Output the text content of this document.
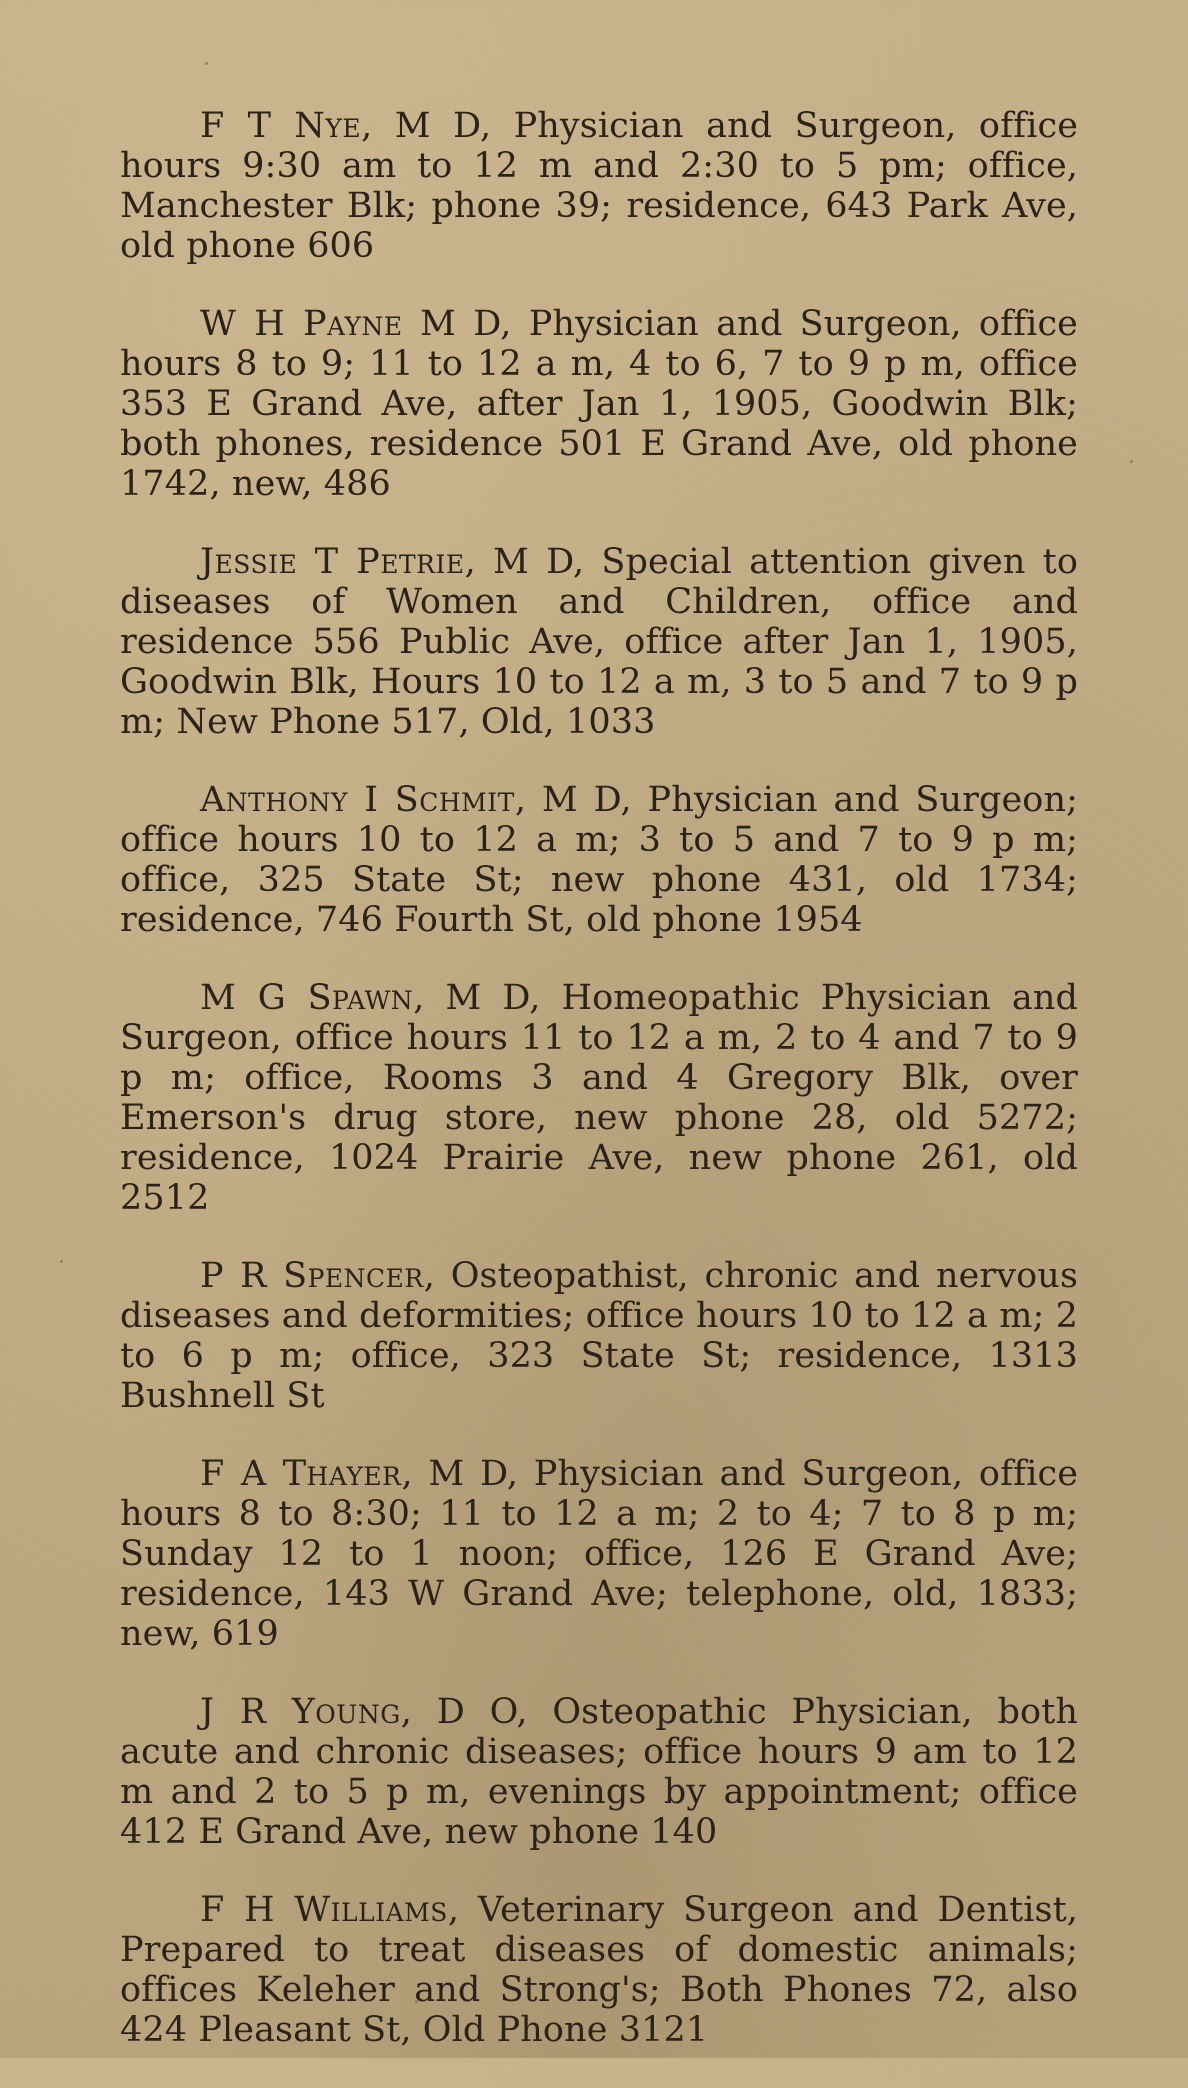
F T Nye, M D, Physician and Surgeon, office hours 9:30 am to 12 m and 2:30 to 5 pm; office, Manchester Blk; phone 39; residence, 643 Park Ave, old phone 606

W H Payne M D, Physician and Surgeon, office hours 8 to 9; 11 to 12 a m, 4 to 6, 7 to 9 p m, office 353 E Grand Ave, after Jan 1, 1905, Goodwin Blk; both phones, residence 501 E Grand Ave, old phone 1742, new, 486

Jessie T Petrie, M D, Special attention given to diseases of Women and Children, office and residence 556 Public Ave, office after Jan 1, 1905, Goodwin Blk, Hours 10 to 12 a m, 3 to 5 and 7 to 9 p m; New Phone 517, Old, 1033

Anthony I Schmit, M D, Physician and Surgeon; office hours 10 to 12 a m; 3 to 5 and 7 to 9 p m; office, 325 State St; new phone 431, old 1734; residence, 746 Fourth St, old phone 1954

M G Spawn, M D, Homeopathic Physician and Surgeon, office hours 11 to 12 a m, 2 to 4 and 7 to 9 p m; office, Rooms 3 and 4 Gregory Blk, over Emerson's drug store, new phone 28, old 5272; residence, 1024 Prairie Ave, new phone 261, old 2512

P R Spencer, Osteopathist, chronic and nervous diseases and deformities; office hours 10 to 12 a m; 2 to 6 p m; office, 323 State St; residence, 1313 Bushnell St

F A Thayer, M D, Physician and Surgeon, office hours 8 to 8:30; 11 to 12 a m; 2 to 4; 7 to 8 p m; Sunday 12 to 1 noon; office, 126 E Grand Ave; residence, 143 W Grand Ave; telephone, old, 1833; new, 619

J R Young, D O, Osteopathic Physician, both acute and chronic diseases; office hours 9 am to 12 m and 2 to 5 p m, evenings by appointment; office 412 E Grand Ave, new phone 140

F H Williams, Veterinary Surgeon and Dentist, Prepared to treat diseases of domestic animals; offices Keleher and Strong's; Both Phones 72, also 424 Pleasant St, Old Phone 3121
